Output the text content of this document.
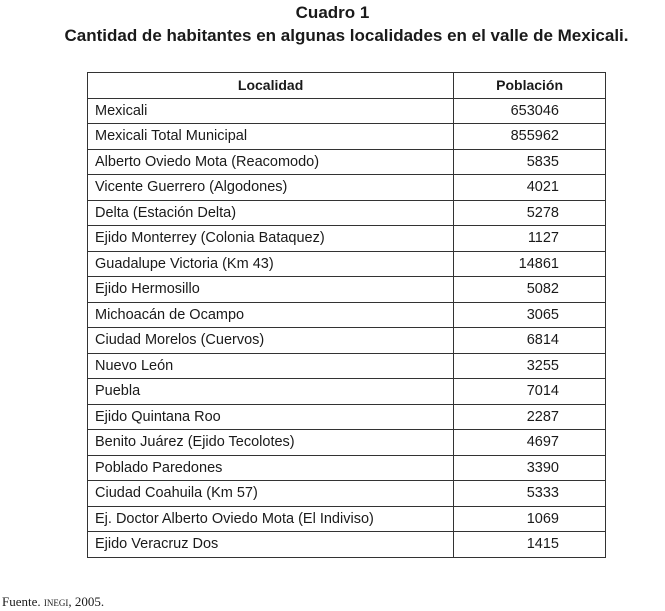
Cuadro 1
Cantidad de habitantes en algunas localidades en el valle de Mexicali.
Localidad	Población
Mexicali	653046
Mexicali Total Municipal	855962
Alberto Oviedo Mota (Reacomodo)	5835
Vicente Guerrero (Algodones)	4021
Delta (Estación Delta)	5278
Ejido Monterrey (Colonia Bataquez)	1127
Guadalupe Victoria (Km 43)	14861
Ejido Hermosillo	5082
Michoacán de Ocampo	3065
Ciudad Morelos (Cuervos)	6814
Nuevo León	3255
Puebla	7014
Ejido Quintana Roo	2287
Benito Juárez (Ejido Tecolotes)	4697
Poblado Paredones	3390
Ciudad Coahuila (Km 57)	5333
Ej. Doctor Alberto Oviedo Mota (El Indiviso)	1069
Ejido Veracruz Dos	1415
Fuente. inegi, 2005.
